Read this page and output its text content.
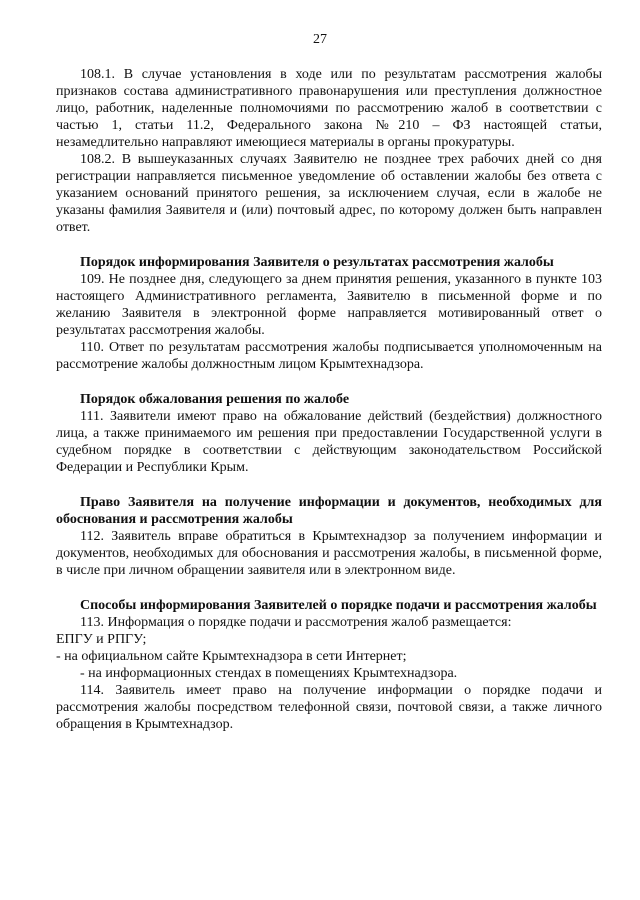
27

108.1. В случае установления в ходе или по результатам рассмотрения жалобы признаков состава административного правонарушения или преступления должностное лицо, работник, наделенные полномочиями по рассмотрению жалоб в соответствии с частью 1, статьи 11.2, Федерального закона №210 – ФЗ настоящей статьи, незамедлительно направляют имеющиеся материалы в органы прокуратуры.

108.2. В вышеуказанных случаях Заявителю не позднее трех рабочих дней со дня регистрации направляется письменное уведомление об оставлении жалобы без ответа с указанием оснований принятого решения, за исключением случая, если в жалобе не указаны фамилия Заявителя и (или) почтовый адрес, по которому должен быть направлен ответ.

Порядок информирования Заявителя о результатах рассмотрения жалобы

109. Не позднее дня, следующего за днем принятия решения, указанного в пункте 103 настоящего Административного регламента, Заявителю в письменной форме и по желанию Заявителя в электронной форме направляется мотивированный ответ о результатах рассмотрения жалобы.

110. Ответ по результатам рассмотрения жалобы подписывается уполномоченным на рассмотрение жалобы должностным лицом Крымтехнадзора.

Порядок обжалования решения по жалобе

111. Заявители имеют право на обжалование действий (бездействия) должностного лица, а также принимаемого им решения при предоставлении Государственной услуги в судебном порядке в соответствии с действующим законодательством Российской Федерации и Республики Крым.

Право Заявителя на получение информации и документов, необходимых для обоснования и рассмотрения жалобы

112. Заявитель вправе обратиться в Крымтехнадзор за получением информации и документов, необходимых для обоснования и рассмотрения жалобы, в письменной форме, в числе при личном обращении заявителя или в электронном виде.

Способы информирования Заявителей о порядке подачи и рассмотрения жалобы

113. Информация о порядке подачи и рассмотрения жалоб размещается:

ЕПГУ и РПГУ;

- на официальном сайте Крымтехнадзора в сети Интернет;

- на информационных стендах в помещениях Крымтехнадзора.

114. Заявитель имеет право на получение информации о порядке подачи и рассмотрения жалобы посредством телефонной связи, почтовой связи, а также личного обращения в Крымтехнадзор.
